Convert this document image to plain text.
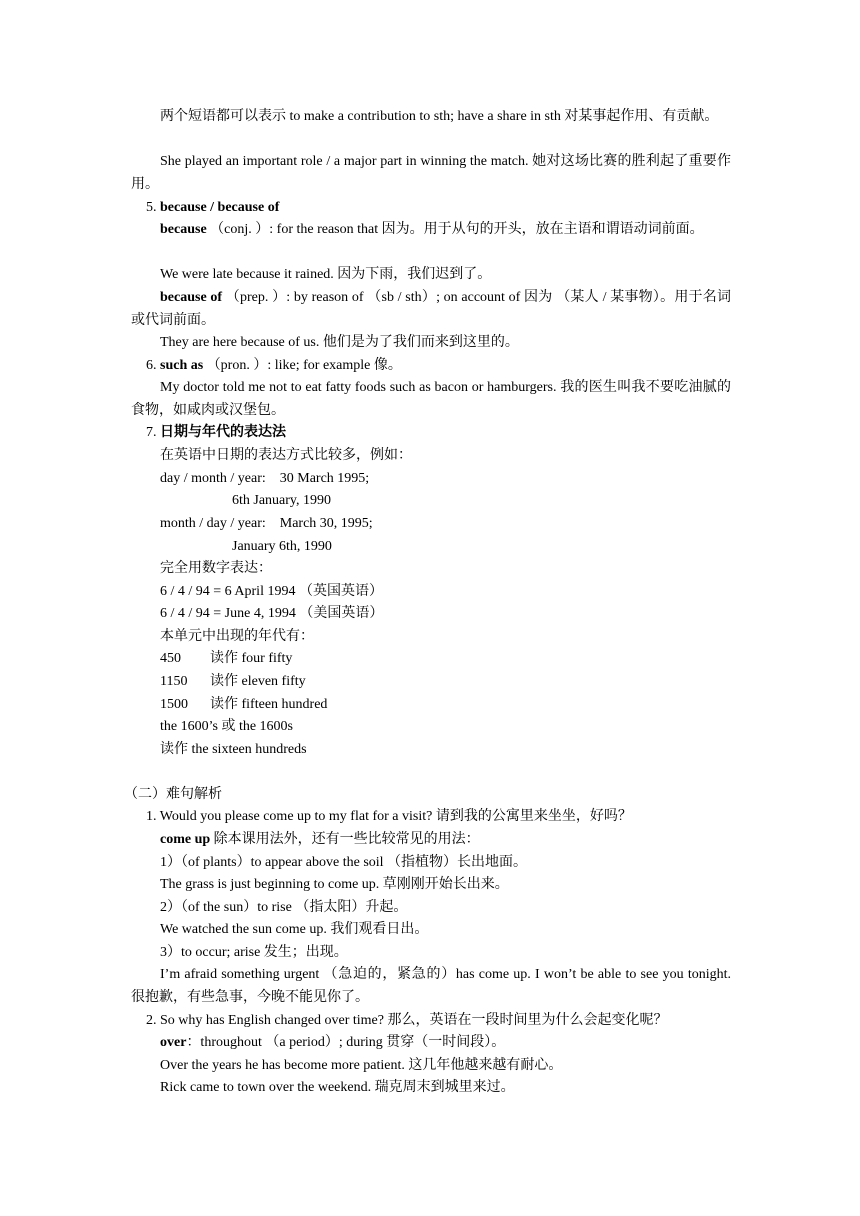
两个短语都可以表示 to make a contribution to sth; have a share in sth 对某事起作用、有贡献。
She played an important role / a major part in winning the match. 她对这场比赛的胜利起了重要作用。
5. because / because of
because （conj. ）: for the reason that 因为。用于从句的开头，放在主语和谓语动词前面。
We were late because it rained. 因为下雨，我们迟到了。
because of （prep. ）: by reason of （sb / sth）; on account of 因为 （某人 / 某事物）。用于名词或代词前面。
They are here because of us. 他们是为了我们而来到这里的。
6. such as （pron. ）: like; for example 像。
My doctor told me not to eat fatty foods such as bacon or hamburgers. 我的医生叫我不要吃油腻的食物，如咸肉或汉堡包。
7. 日期与年代的表达法
在英语中日期的表达方式比较多，例如：
day / month / year:    30 March 1995;
6th January, 1990
month / day / year:    March 30, 1995;
January 6th, 1990
完全用数字表达：
6 / 4 / 94 = 6 April 1994 （英国英语）
6 / 4 / 94 = June 4, 1994 （美国英语）
本单元中出现的年代有：
450 读作 four fifty
1150 读作 eleven fifty
1500 读作 fifteen hundred
the 1600’s 或 the 1600s
读作 the sixteen hundreds
（二）难句解析
1. Would you please come up to my flat for a visit? 请到我的公寓里来坐坐，好吗？
come up 除本课用法外，还有一些比较常见的用法：
1）（of plants）to appear above the soil （指植物）长出地面。
The grass is just beginning to come up. 草刚刚开始长出来。
2）（of the sun）to rise （指太阳）升起。
We watched the sun come up. 我们观看日出。
3）to occur; arise 发生；出现。
I’m afraid something urgent （急迫的，紧急的）has come up. I won’t be able to see you tonight. 很抱歉，有些急事，今晚不能见你了。
2. So why has English changed over time? 那么，英语在一段时间里为什么会起变化呢？
over：throughout （a period）; during 贯穿（一时间段）。
Over the years he has become more patient. 这几年他越来越有耐心。
Rick came to town over the weekend. 瑞克周末到城里来过。
